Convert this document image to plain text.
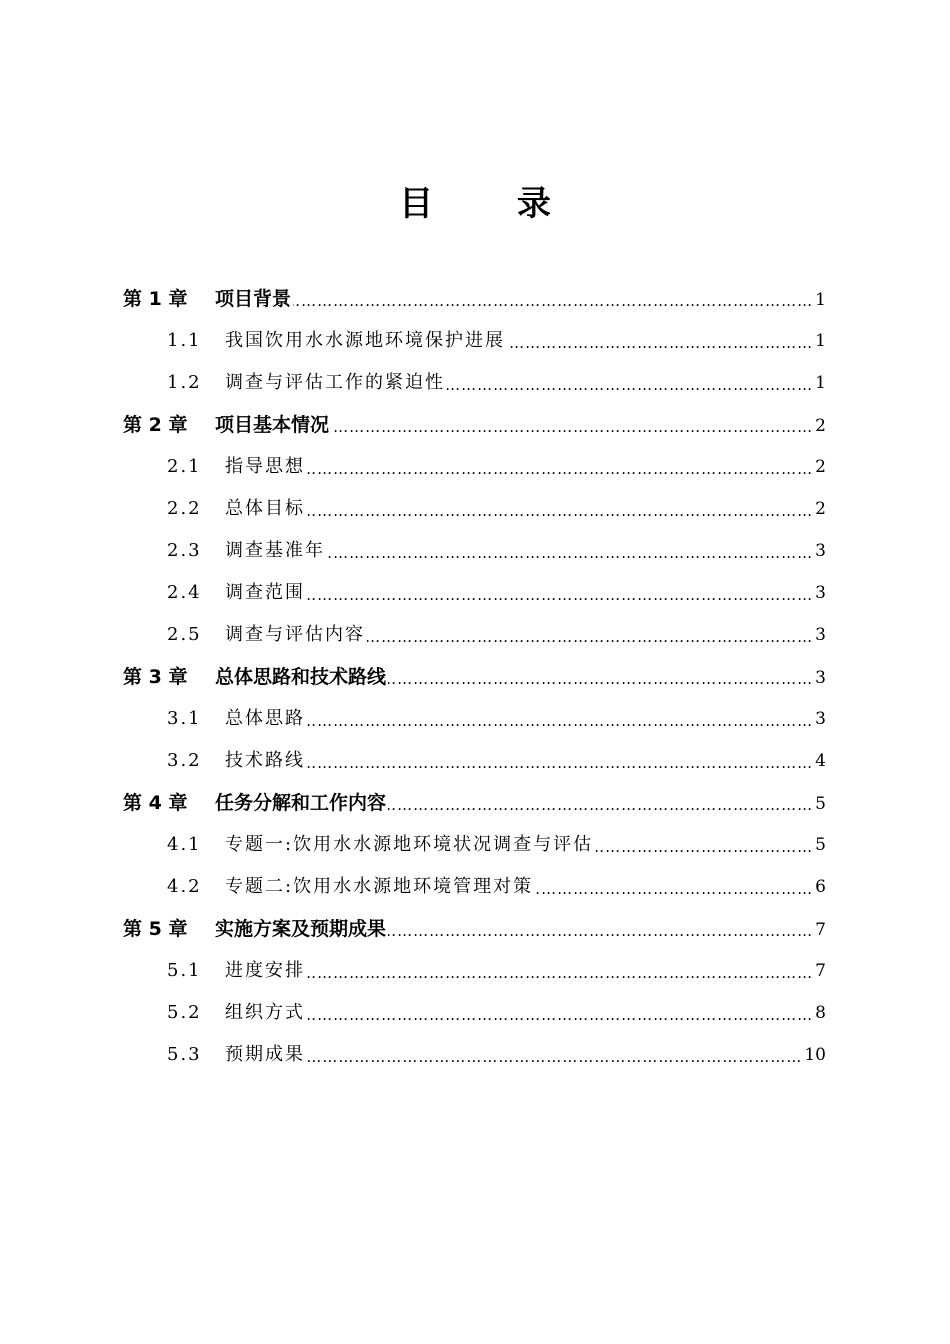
目 录
第 1 章	项目背景 …………………………………………………………………………………………………………………………………………………………………………………………………	1
1.1	我国饮用水水源地环境保护进展 …………………………………………………………………………………………………………………………………………………………………………………………………	1
1.2	调查与评估工作的紧迫性 …………………………………………………………………………………………………………………………………………………………………………………………………	1
第 2 章	项目基本情况 …………………………………………………………………………………………………………………………………………………………………………………………………	2
2.1	指导思想 …………………………………………………………………………………………………………………………………………………………………………………………………	2
2.2	总体目标 …………………………………………………………………………………………………………………………………………………………………………………………………	2
2.3	调查基准年 …………………………………………………………………………………………………………………………………………………………………………………………………	3
2.4	调查范围 …………………………………………………………………………………………………………………………………………………………………………………………………	3
2.5	调查与评估内容 …………………………………………………………………………………………………………………………………………………………………………………………………	3
第 3 章	总体思路和技术路线 …………………………………………………………………………………………………………………………………………………………………………………………………	3
3.1	总体思路 …………………………………………………………………………………………………………………………………………………………………………………………………	3
3.2	技术路线 …………………………………………………………………………………………………………………………………………………………………………………………………	4
第 4 章	任务分解和工作内容 …………………………………………………………………………………………………………………………………………………………………………………………………	5
4.1	专题一:饮用水水源地环境状况调查与评估 …………………………………………………………………………………………………………………………………………………………………………………………………	5
4.2	专题二:饮用水水源地环境管理对策 …………………………………………………………………………………………………………………………………………………………………………………………………	6
第 5 章	实施方案及预期成果 …………………………………………………………………………………………………………………………………………………………………………………………………	7
5.1	进度安排 …………………………………………………………………………………………………………………………………………………………………………………………………	7
5.2	组织方式 …………………………………………………………………………………………………………………………………………………………………………………………………	8
5.3	预期成果 …………………………………………………………………………………………………………………………………………………………………………………………………	10
